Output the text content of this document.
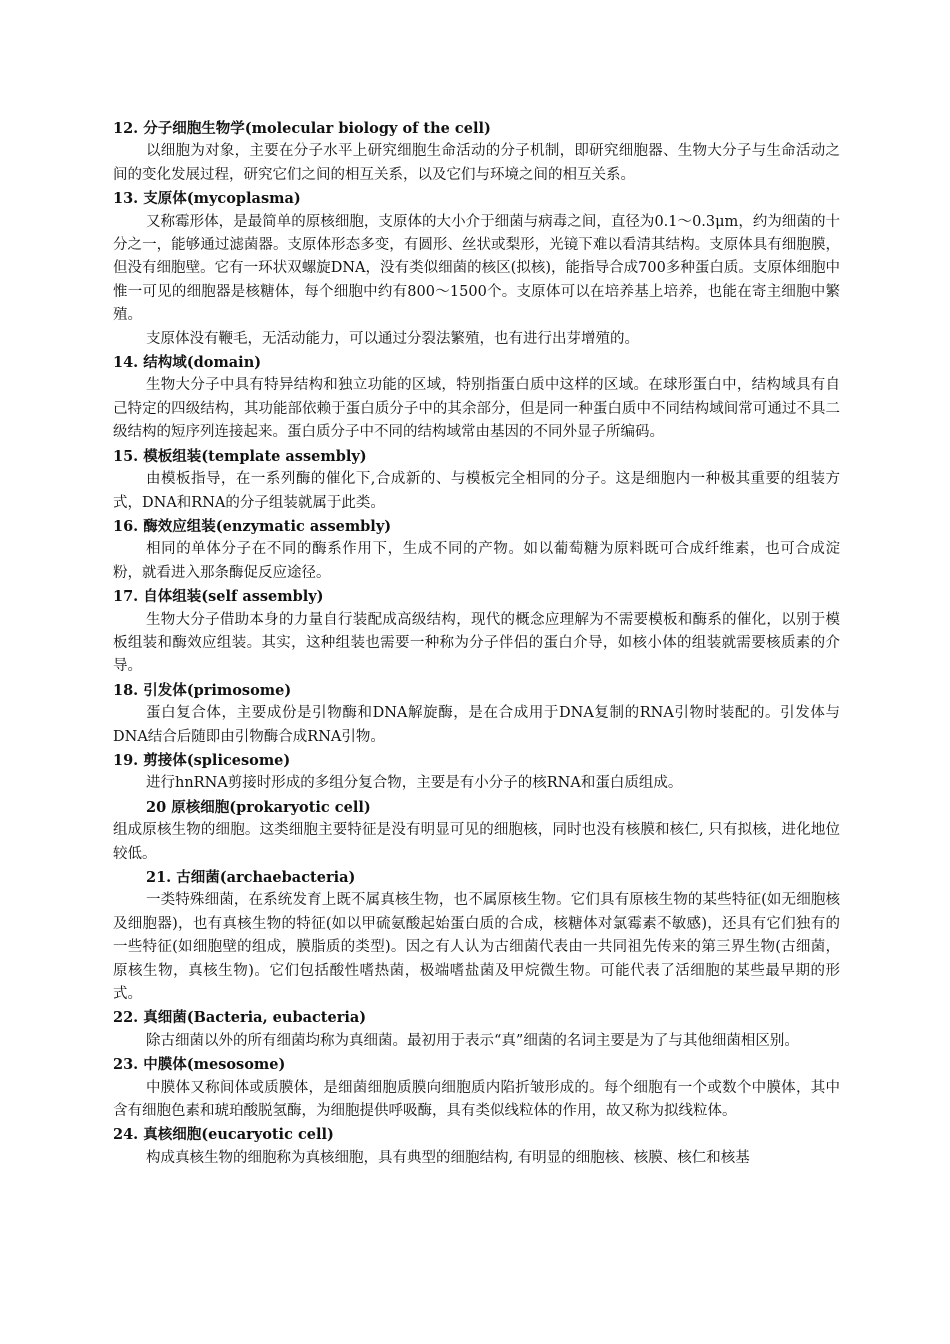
12. 分子细胞生物学(molecular biology of the cell)

以细胞为对象，主要在分子水平上研究细胞生命活动的分子机制，即研究细胞器、生物大分子与生命活动之间的变化发展过程，研究它们之间的相互关系，以及它们与环境之间的相互关系。

13. 支原体(mycoplasma)

又称霉形体，是最简单的原核细胞，支原体的大小介于细菌与病毒之间，直径为0.1～0.3μm，约为细菌的十分之一，能够通过滤菌器。支原体形态多变，有圆形、丝状或梨形，光镜下难以看清其结构。支原体具有细胞膜，但没有细胞壁。它有一环状双螺旋DNA，没有类似细菌的核区(拟核)，能指导合成700多种蛋白质。支原体细胞中惟一可见的细胞器是核糖体，每个细胞中约有800～1500个。支原体可以在培养基上培养，也能在寄主细胞中繁殖。

支原体没有鞭毛，无活动能力，可以通过分裂法繁殖，也有进行出芽增殖的。

14. 结构域(domain)

生物大分子中具有特异结构和独立功能的区域，特别指蛋白质中这样的区域。在球形蛋白中，结构域具有自己特定的四级结构，其功能部依赖于蛋白质分子中的其余部分，但是同一种蛋白质中不同结构域间常可通过不具二级结构的短序列连接起来。蛋白质分子中不同的结构域常由基因的不同外显子所编码。

15. 模板组装(template assembly)

由模板指导，在一系列酶的催化下,合成新的、与模板完全相同的分子。这是细胞内一种极其重要的组装方式，DNA和RNA的分子组装就属于此类。

16. 酶效应组装(enzymatic assembly)

相同的单体分子在不同的酶系作用下，生成不同的产物。如以葡萄糖为原料既可合成纤维素，也可合成淀粉，就看进入那条酶促反应途径。

17. 自体组装(self assembly)

生物大分子借助本身的力量自行装配成高级结构，现代的概念应理解为不需要模板和酶系的催化，以别于模板组装和酶效应组装。其实，这种组装也需要一种称为分子伴侣的蛋白介导，如核小体的组装就需要核质素的介导。

18. 引发体(primosome)

蛋白复合体，主要成份是引物酶和DNA解旋酶，是在合成用于DNA复制的RNA引物时装配的。引发体与DNA结合后随即由引物酶合成RNA引物。

19. 剪接体(splicesome)

进行hnRNA剪接时形成的多组分复合物，主要是有小分子的核RNA和蛋白质组成。

20 原核细胞(prokaryotic cell)

组成原核生物的细胞。这类细胞主要特征是没有明显可见的细胞核，同时也没有核膜和核仁, 只有拟核，进化地位较低。

21. 古细菌(archaebacteria)

一类特殊细菌，在系统发育上既不属真核生物，也不属原核生物。它们具有原核生物的某些特征(如无细胞核及细胞器)，也有真核生物的特征(如以甲硫氨酸起始蛋白质的合成，核糖体对氯霉素不敏感)，还具有它们独有的一些特征(如细胞壁的组成，膜脂质的类型)。因之有人认为古细菌代表由一共同祖先传来的第三界生物(古细菌，原核生物，真核生物)。它们包括酸性嗜热菌，极端嗜盐菌及甲烷微生物。可能代表了活细胞的某些最早期的形式。

22. 真细菌(Bacteria, eubacteria)

除古细菌以外的所有细菌均称为真细菌。最初用于表示“真”细菌的名词主要是为了与其他细菌相区别。

23. 中膜体(mesosome)

中膜体又称间体或质膜体，是细菌细胞质膜向细胞质内陷折皱形成的。每个细胞有一个或数个中膜体，其中含有细胞色素和琥珀酸脱氢酶，为细胞提供呼吸酶，具有类似线粒体的作用，故又称为拟线粒体。

24. 真核细胞(eucaryotic cell)

构成真核生物的细胞称为真核细胞，具有典型的细胞结构, 有明显的细胞核、核膜、核仁和核基
